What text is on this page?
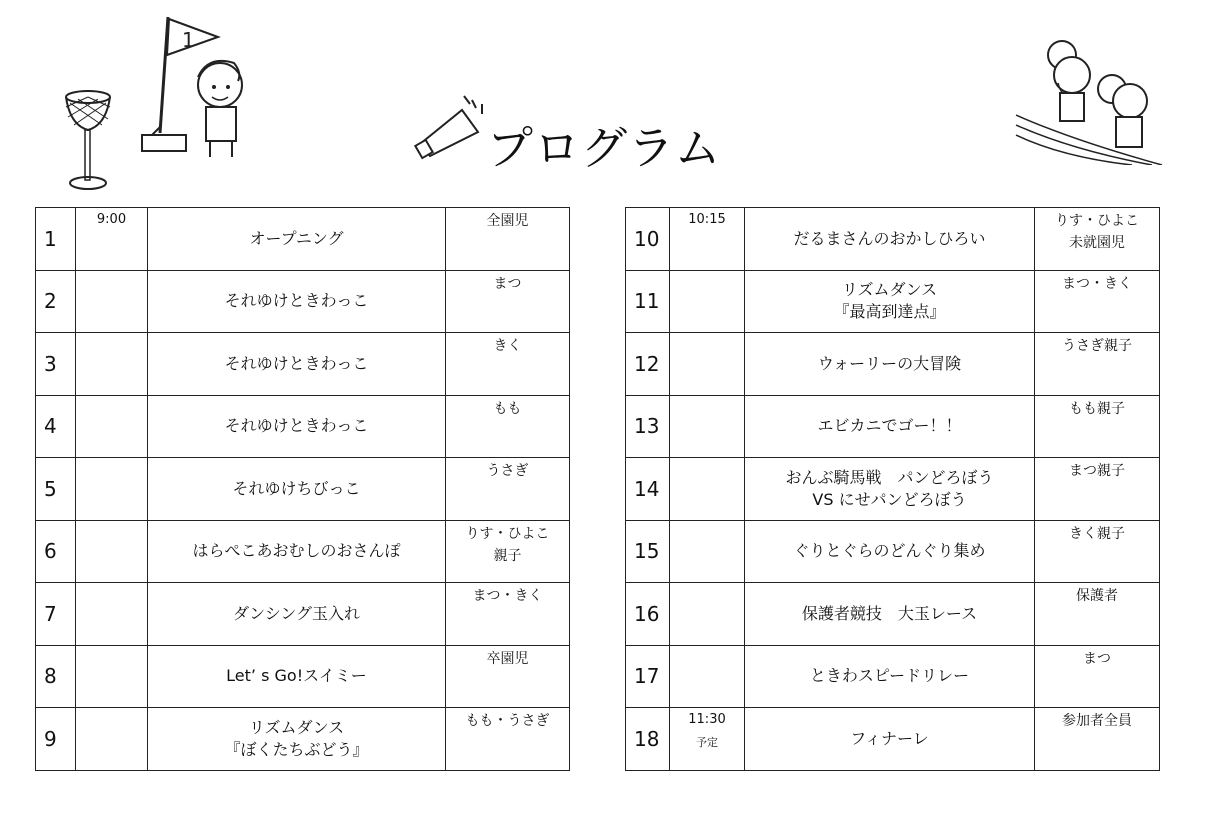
1
プログラム
1	9:00	オープニング	全園児

2		それゆけときわっこ	まつ

3		それゆけときわっこ	きく

4		それゆけときわっこ	もも

5		それゆけちびっこ	うさぎ

6		はらぺこあおむしのおさんぽ	りす・ひよこ
親子

7		ダンシング玉入れ	まつ・きく

8		Let’ s Go!スイミー	卒園児

9		リズムダンス
『ぼくたちぶどう』	もも・うさぎ
10	10:15	だるまさんのおかしひろい	りす・ひよこ
未就園児

11		リズムダンス
『最高到達点』	まつ・きく

12		ウォーリーの大冒険	うさぎ親子

13		エビカニでゴー！！	もも親子

14		おんぶ騎馬戦　パンどろぼう
VS にせパンどろぼう	まつ親子

15		ぐりとぐらのどんぐり集め	きく親子

16		保護者競技　大玉レース	保護者

17		ときわスピードリレー	まつ

18	11:30
予定	フィナーレ	参加者全員
